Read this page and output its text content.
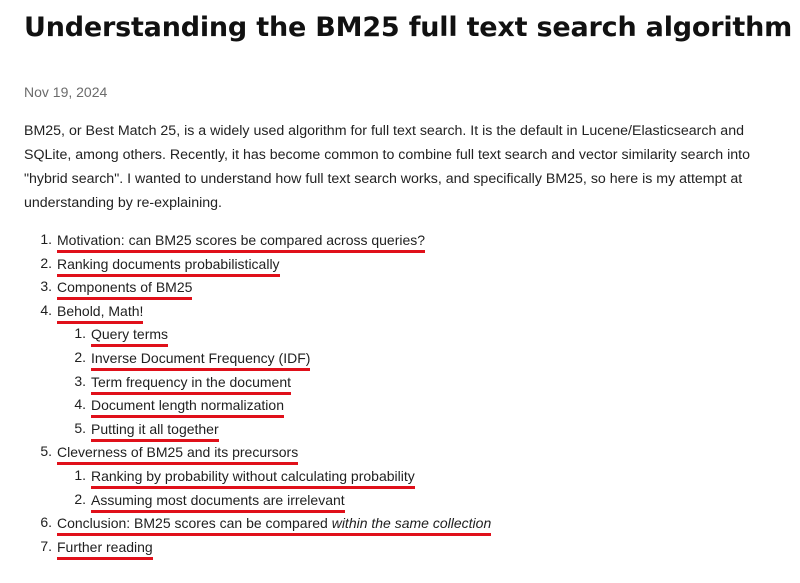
Understanding the BM25 full text search algorithm
Nov 19, 2024

BM25, or Best Match 25, is a widely used algorithm for full text search. It is the default in Lucene/Elasticsearch and SQLite, among others. Recently, it has become common to combine full text search and vector similarity search into "hybrid search". I wanted to understand how full text search works, and specifically BM25, so here is my attempt at understanding by re-explaining.

1. Motivation: can BM25 scores be compared across queries?
2. Ranking documents probabilistically
3. Components of BM25
4. Behold, Math!
1. Query terms
2. Inverse Document Frequency (IDF)
3. Term frequency in the document
4. Document length normalization
5. Putting it all together
5. Cleverness of BM25 and its precursors
1. Ranking by probability without calculating probability
2. Assuming most documents are irrelevant
6. Conclusion: BM25 scores can be compared within the same collection
7. Further reading
